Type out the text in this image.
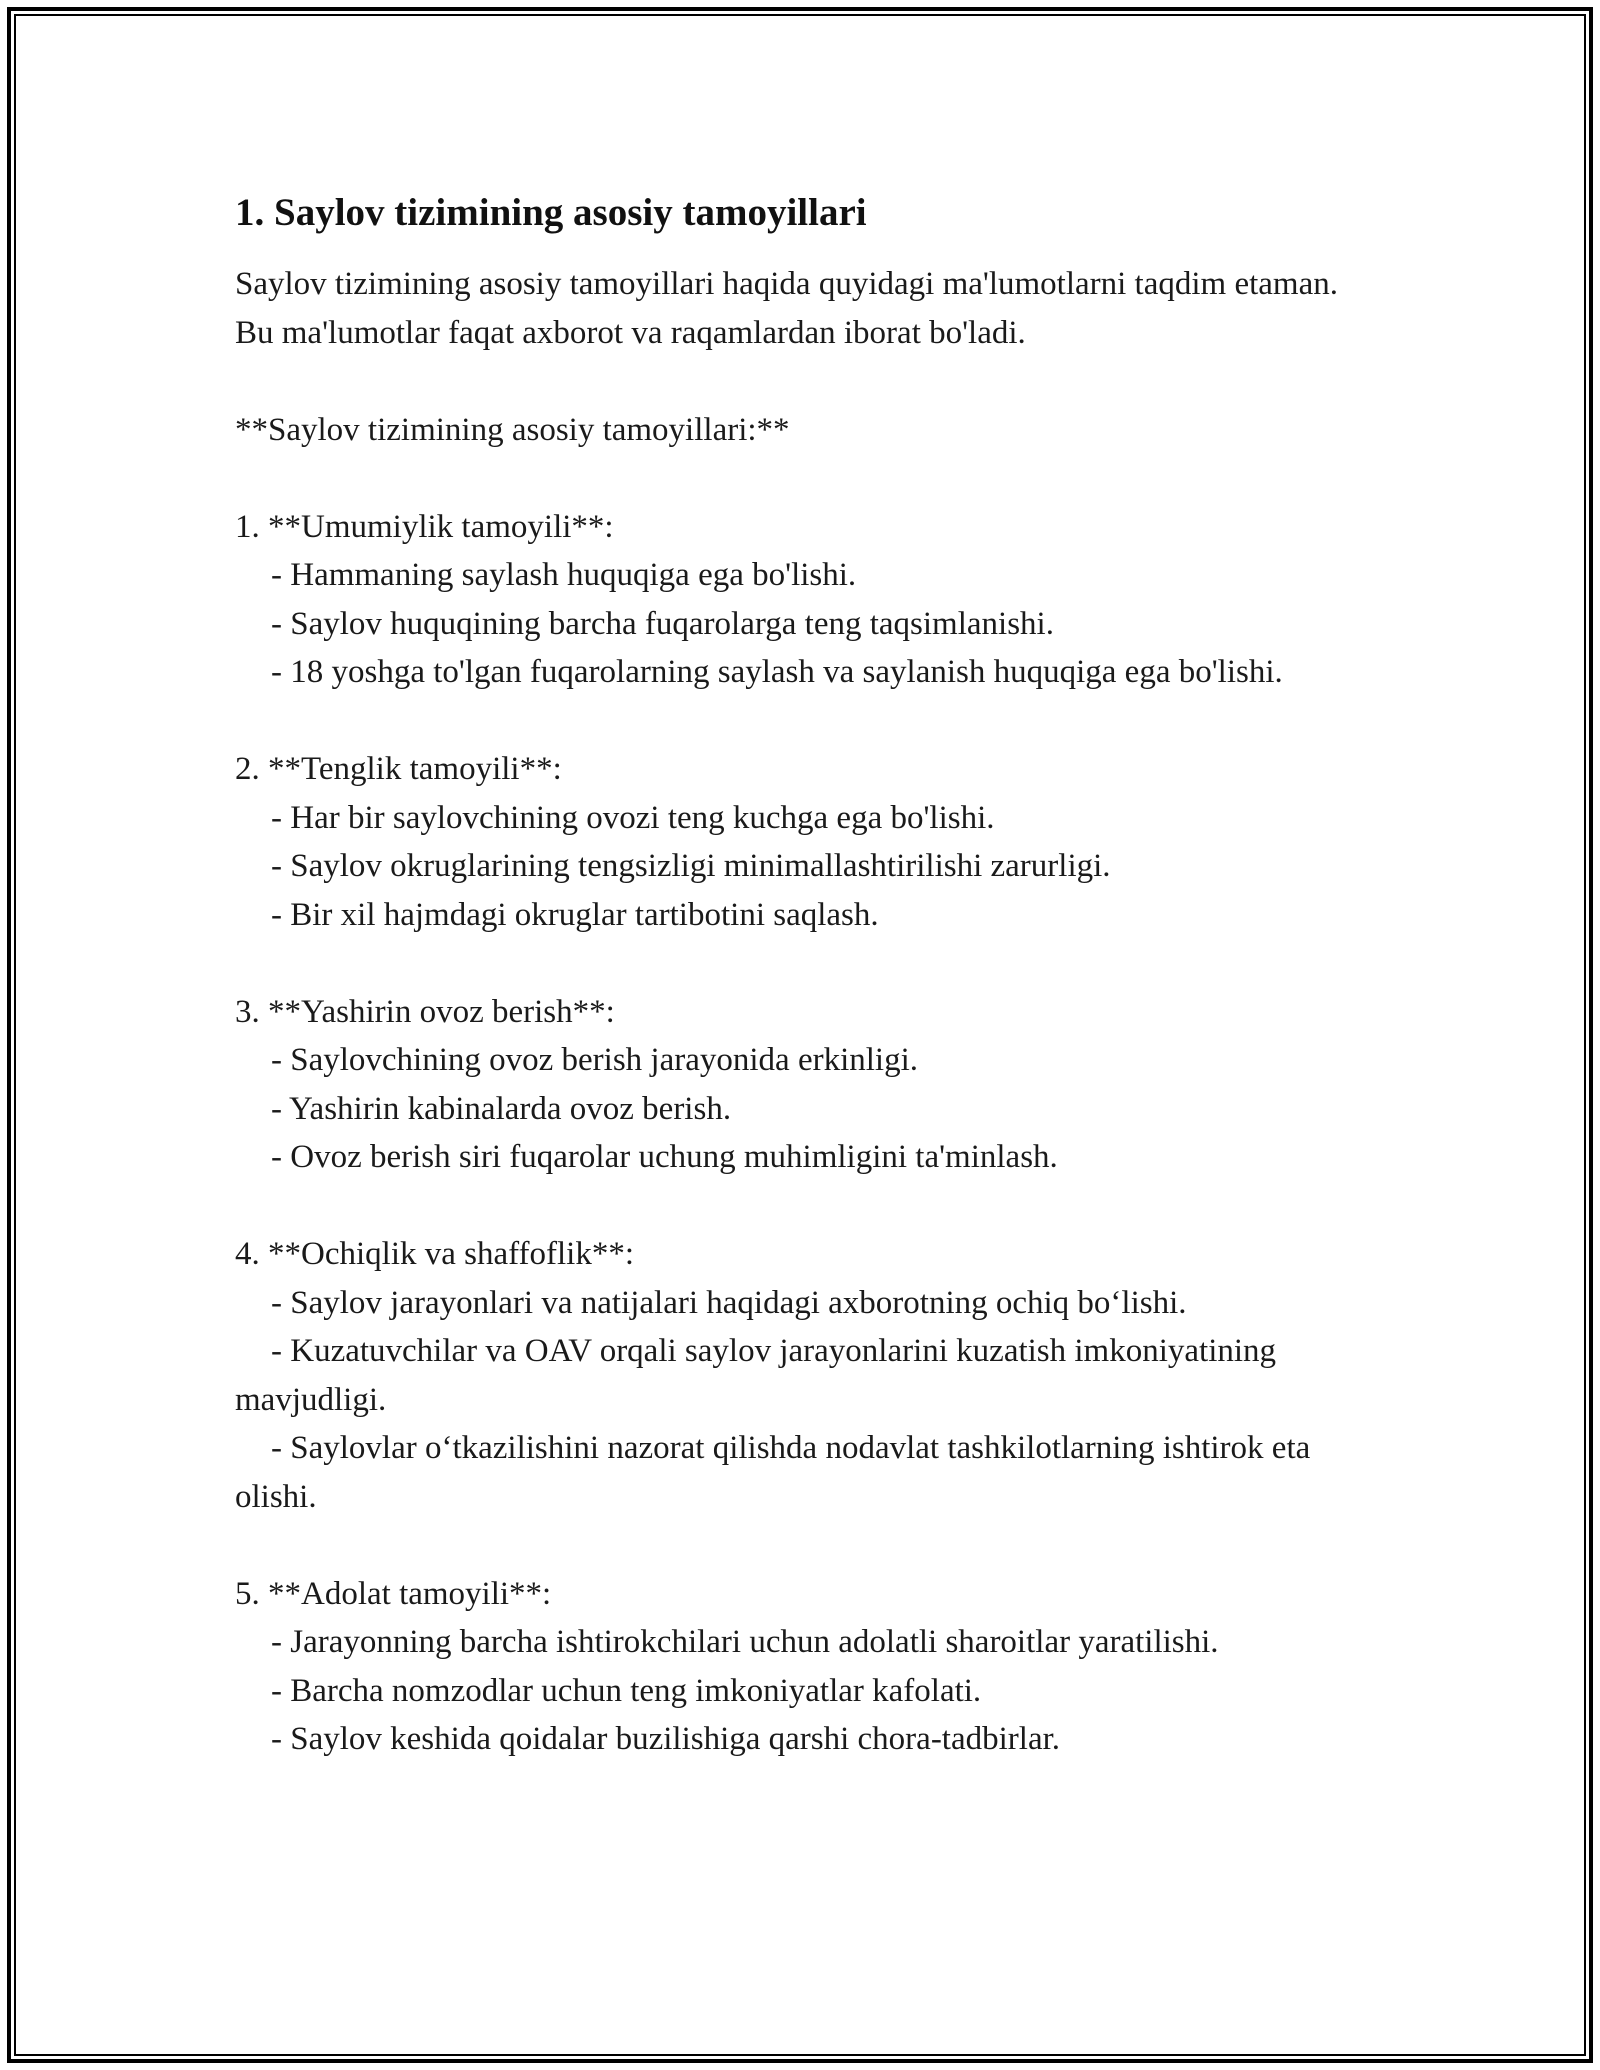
1. Saylov tizimining asosiy tamoyillari

Saylov tizimining asosiy tamoyillari haqida quyidagi ma'lumotlarni taqdim etaman. Bu ma'lumotlar faqat axborot va raqamlardan iborat bo'ladi.

**Saylov tizimining asosiy tamoyillari:**

1. **Umumiylik tamoyili**:

- Hammaning saylash huquqiga ega bo'lishi.
- Saylov huquqining barcha fuqarolarga teng taqsimlanishi.
- 18 yoshga to'lgan fuqarolarning saylash va saylanish huquqiga ega bo'lishi.

2. **Tenglik tamoyili**:

- Har bir saylovchining ovozi teng kuchga ega bo'lishi.
- Saylov okruglarining tengsizligi minimallashtirilishi zarurligi.
- Bir xil hajmdagi okruglar tartibotini saqlash.

3. **Yashirin ovoz berish**:

- Saylovchining ovoz berish jarayonida erkinligi.
- Yashirin kabinalarda ovoz berish.
- Ovoz berish siri fuqarolar uchung muhimligini ta'minlash.

4. **Ochiqlik va shaffoflik**:

- Saylov jarayonlari va natijalari haqidagi axborotning ochiq bo‘lishi.
- Kuzatuvchilar va OAV orqali saylov jarayonlarini kuzatish imkoniyatining mavjudligi.
- Saylovlar o‘tkazilishini nazorat qilishda nodavlat tashkilotlarning ishtirok eta olishi.

5. **Adolat tamoyili**:

- Jarayonning barcha ishtirokchilari uchun adolatli sharoitlar yaratilishi.
- Barcha nomzodlar uchun teng imkoniyatlar kafolati.
- Saylov keshida qoidalar buzilishiga qarshi chora-tadbirlar.
